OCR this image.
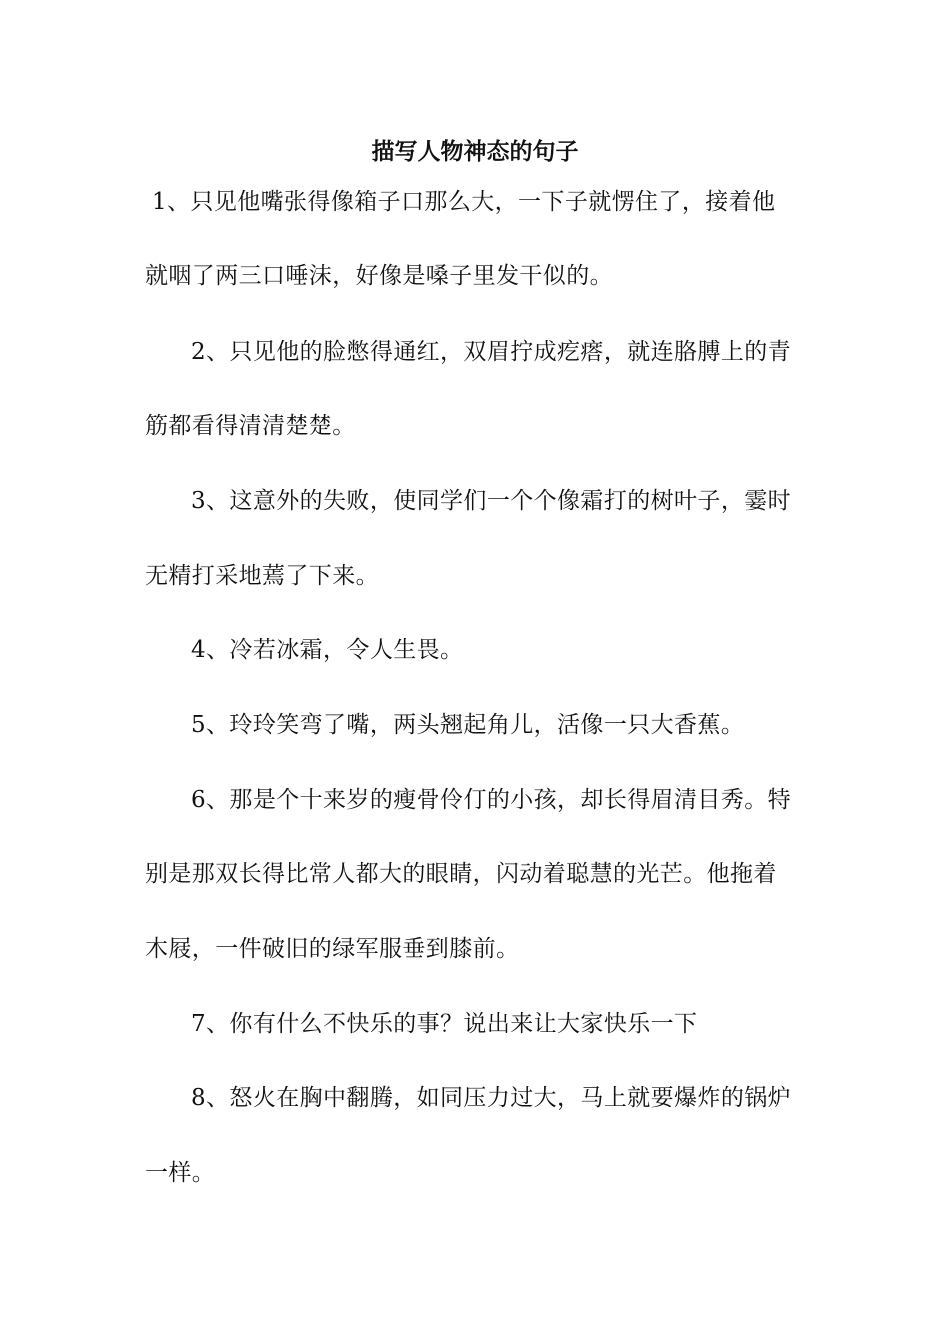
描写人物神态的句子
1、只见他嘴张得像箱子口那么大，一下子就愣住了，接着他
就咽了两三口唾沫，好像是嗓子里发干似的。
2、只见他的脸憋得通红，双眉拧成疙瘩，就连胳膊上的青
筋都看得清清楚楚。
3、这意外的失败，使同学们一个个像霜打的树叶子，霎时
无精打采地蔫了下来。
4、冷若冰霜，令人生畏。
5、玲玲笑弯了嘴，两头翘起角儿，活像一只大香蕉。
6、那是个十来岁的瘦骨伶仃的小孩，却长得眉清目秀。特
别是那双长得比常人都大的眼睛，闪动着聪慧的光芒。他拖着
木屐，一件破旧的绿军服垂到膝前。
7、你有什么不快乐的事？说出来让大家快乐一下
8、怒火在胸中翻腾，如同压力过大，马上就要爆炸的锅炉
一样。
